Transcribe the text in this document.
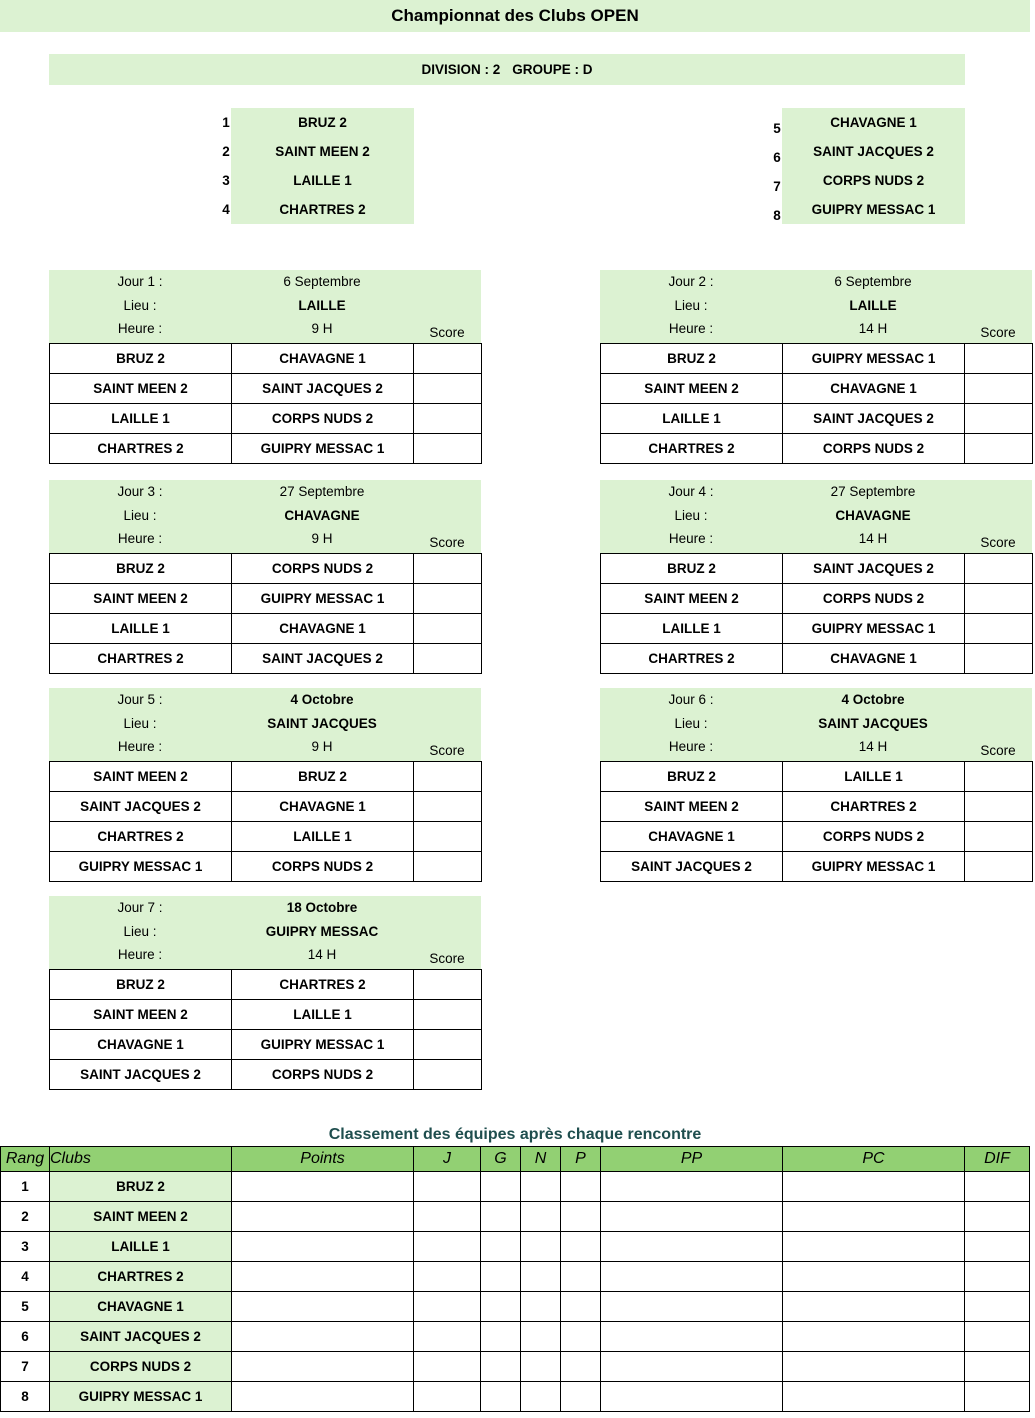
Championnat des Clubs OPEN
DIVISION : 2 GROUPE : D
1	BRUZ 2
2	SAINT MEEN 2
3	LAILLE 1
4	CHARTRES 2
5	CHAVAGNE 1
6	SAINT JACQUES 2
7	CORPS NUDS 2
8	GUIPRY MESSAC 1
Jour 1 :	6 Septembre
Lieu :	LAILLE
Heure :	9 H	Score
BRUZ 2	CHAVAGNE 1	
SAINT MEEN 2	SAINT JACQUES 2	
LAILLE 1	CORPS NUDS 2	
CHARTRES 2	GUIPRY MESSAC 1	
Jour 2 :	6 Septembre
Lieu :	LAILLE
Heure :	14 H	Score
BRUZ 2	GUIPRY MESSAC 1	
SAINT MEEN 2	CHAVAGNE 1	
LAILLE 1	SAINT JACQUES 2	
CHARTRES 2	CORPS NUDS 2	
Jour 3 :	27 Septembre
Lieu :	CHAVAGNE
Heure :	9 H	Score
BRUZ 2	CORPS NUDS 2	
SAINT MEEN 2	GUIPRY MESSAC 1	
LAILLE 1	CHAVAGNE 1	
CHARTRES 2	SAINT JACQUES 2	
Jour 4 :	27 Septembre
Lieu :	CHAVAGNE
Heure :	14 H	Score
BRUZ 2	SAINT JACQUES 2	
SAINT MEEN 2	CORPS NUDS 2	
LAILLE 1	GUIPRY MESSAC 1	
CHARTRES 2	CHAVAGNE 1	
Jour 5 :	4 Octobre
Lieu :	SAINT JACQUES
Heure :	9 H	Score
SAINT MEEN 2	BRUZ 2	
SAINT JACQUES 2	CHAVAGNE 1	
CHARTRES 2	LAILLE 1	
GUIPRY MESSAC 1	CORPS NUDS 2	
Jour 6 :	4 Octobre
Lieu :	SAINT JACQUES
Heure :	14 H	Score
BRUZ 2	LAILLE 1	
SAINT MEEN 2	CHARTRES 2	
CHAVAGNE 1	CORPS NUDS 2	
SAINT JACQUES 2	GUIPRY MESSAC 1	
Jour 7 :	18 Octobre
Lieu :	GUIPRY MESSAC
Heure :	14 H	Score
BRUZ 2	CHARTRES 2	
SAINT MEEN 2	LAILLE 1	
CHAVAGNE 1	GUIPRY MESSAC 1	
SAINT JACQUES 2	CORPS NUDS 2	
Classement des équipes après chaque rencontre
Rang	Clubs	Points	J	G	N	P	PP	PC	DIF
1	BRUZ 2								
2	SAINT MEEN 2								
3	LAILLE 1								
4	CHARTRES 2								
5	CHAVAGNE 1								
6	SAINT JACQUES 2								
7	CORPS NUDS 2								
8	GUIPRY MESSAC 1								
